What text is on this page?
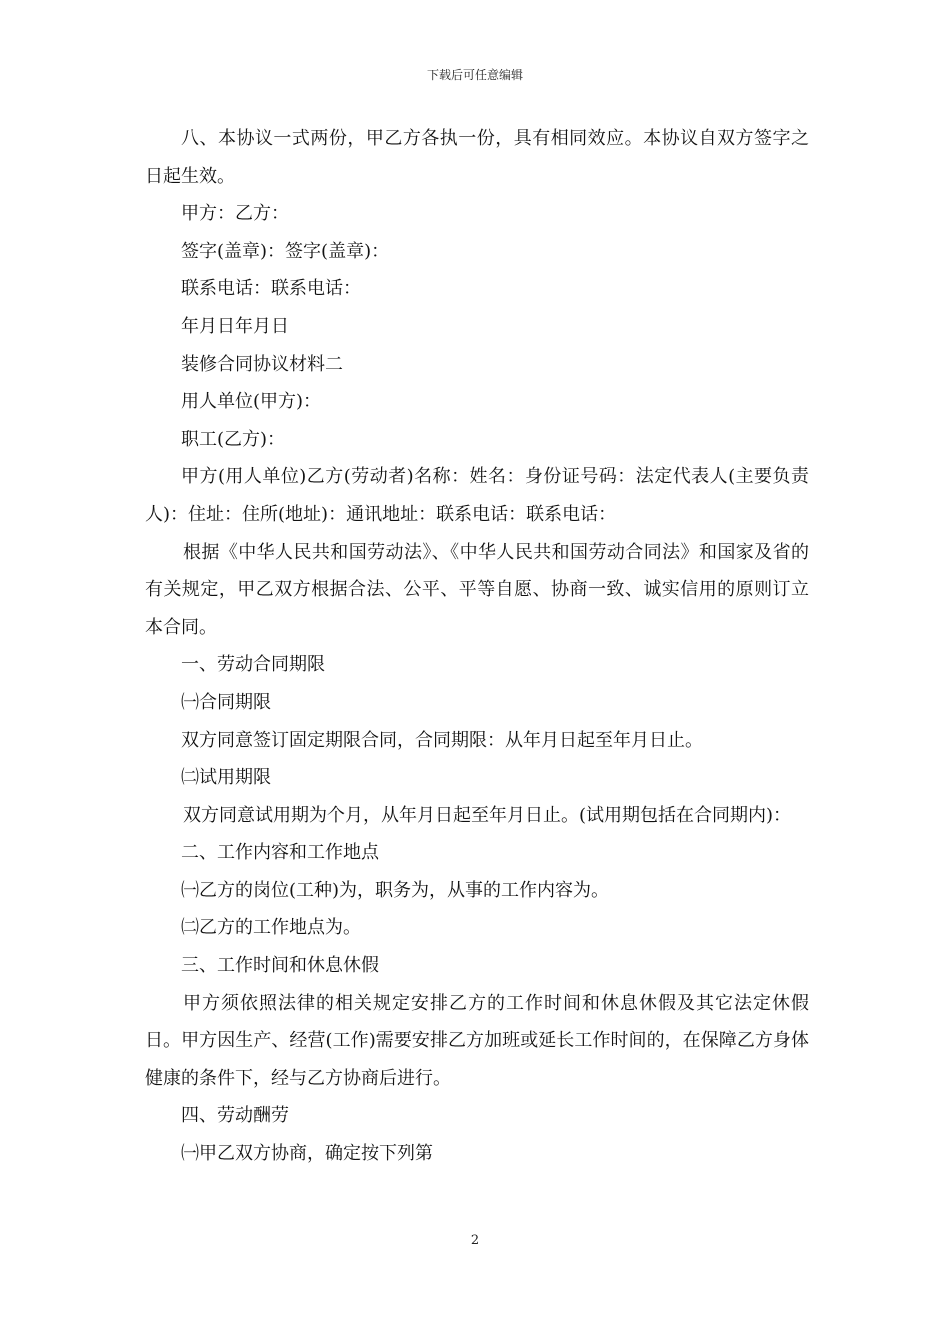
下载后可任意编辑

八、本协议一式两份，甲乙方各执一份，具有相同效应。本协议自双方签字之日起生效。

甲方：乙方：

签字(盖章)：签字(盖章)：

联系电话：联系电话：

年月日年月日

装修合同协议材料二

用人单位(甲方)：

职工(乙方)：

甲方(用人单位)乙方(劳动者)名称：姓名：身份证号码：法定代表人(主要负责人)：住址：住所(地址)：通讯地址：联系电话：联系电话：

根据《中华人民共和国劳动法》、《中华人民共和国劳动合同法》和国家及省的有关规定，甲乙双方根据合法、公平、平等自愿、协商一致、诚实信用的原则订立本合同。

一、劳动合同期限

㈠合同期限

双方同意签订固定期限合同，合同期限：从年月日起至年月日止。

㈡试用期限

双方同意试用期为个月，从年月日起至年月日止。(试用期包括在合同期内)：

二、工作内容和工作地点

㈠乙方的岗位(工种)为，职务为，从事的工作内容为。

㈡乙方的工作地点为。

三、工作时间和休息休假

甲方须依照法律的相关规定安排乙方的工作时间和休息休假及其它法定休假日。甲方因生产、经营(工作)需要安排乙方加班或延长工作时间的，在保障乙方身体健康的条件下，经与乙方协商后进行。

四、劳动酬劳

㈠甲乙双方协商，确定按下列第

2
